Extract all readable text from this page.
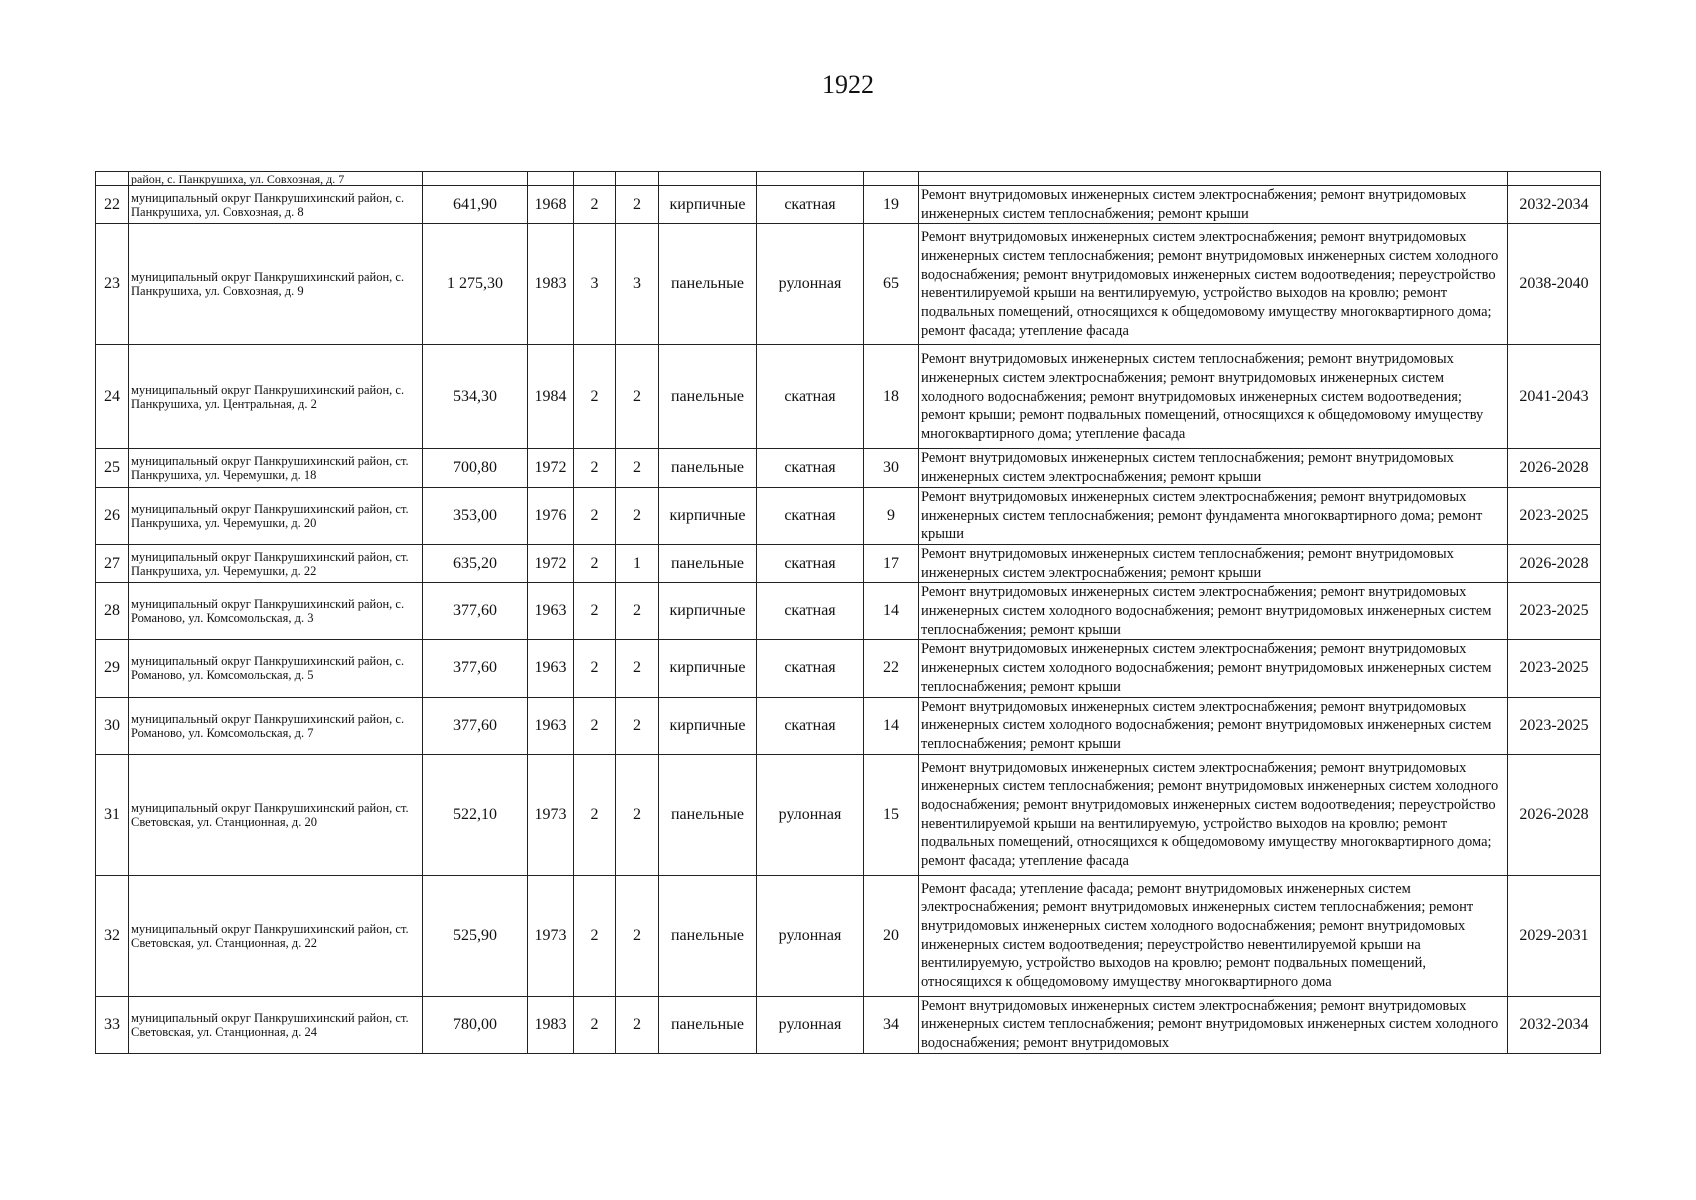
1922
	район, с. Панкрушиха, ул. Совхозная, д. 7									
22	муниципальный округ Панкрушихинский район, с. Панкрушиха, ул. Совхозная, д. 8	641,90	1968	2	2	кирпичные	скатная	19	Ремонт внутридомовых инженерных систем электроснабжения; ремонт внутридомовых инженерных систем теплоснабжения; ремонт крыши	2032-2034
23	муниципальный округ Панкрушихинский район, с. Панкрушиха, ул. Совхозная, д. 9	1 275,30	1983	3	3	панельные	рулонная	65	Ремонт внутридомовых инженерных систем электроснабжения; ремонт внутридомовых инженерных систем теплоснабжения; ремонт внутридомовых инженерных систем холодного водоснабжения; ремонт внутридомовых инженерных систем водоотведения; переустройство невентилируемой крыши на вентилируемую, устройство выходов на кровлю; ремонт подвальных помещений, относящихся к общедомовому имуществу многоквартирного дома; ремонт фасада; утепление фасада	2038-2040
24	муниципальный округ Панкрушихинский район, с. Панкрушиха, ул. Центральная, д. 2	534,30	1984	2	2	панельные	скатная	18	Ремонт внутридомовых инженерных систем теплоснабжения; ремонт внутридомовых инженерных систем электроснабжения; ремонт внутридомовых инженерных систем холодного водоснабжения; ремонт внутридомовых инженерных систем водоотведения; ремонт крыши; ремонт подвальных помещений, относящихся к общедомовому имуществу многоквартирного дома; утепление фасада	2041-2043
25	муниципальный округ Панкрушихинский район, ст. Панкрушиха, ул. Черемушки, д. 18	700,80	1972	2	2	панельные	скатная	30	Ремонт внутридомовых инженерных систем теплоснабжения; ремонт внутридомовых инженерных систем электроснабжения; ремонт крыши	2026-2028
26	муниципальный округ Панкрушихинский район, ст. Панкрушиха, ул. Черемушки, д. 20	353,00	1976	2	2	кирпичные	скатная	9	Ремонт внутридомовых инженерных систем электроснабжения; ремонт внутридомовых инженерных систем теплоснабжения; ремонт фундамента многоквартирного дома; ремонт крыши	2023-2025
27	муниципальный округ Панкрушихинский район, ст. Панкрушиха, ул. Черемушки, д. 22	635,20	1972	2	1	панельные	скатная	17	Ремонт внутридомовых инженерных систем теплоснабжения; ремонт внутридомовых инженерных систем электроснабжения; ремонт крыши	2026-2028
28	муниципальный округ Панкрушихинский район, с. Романово, ул. Комсомольская, д. 3	377,60	1963	2	2	кирпичные	скатная	14	Ремонт внутридомовых инженерных систем электроснабжения; ремонт внутридомовых инженерных систем холодного водоснабжения; ремонт внутридомовых инженерных систем теплоснабжения; ремонт крыши	2023-2025
29	муниципальный округ Панкрушихинский район, с. Романово, ул. Комсомольская, д. 5	377,60	1963	2	2	кирпичные	скатная	22	Ремонт внутридомовых инженерных систем электроснабжения; ремонт внутридомовых инженерных систем холодного водоснабжения; ремонт внутридомовых инженерных систем теплоснабжения; ремонт крыши	2023-2025
30	муниципальный округ Панкрушихинский район, с. Романово, ул. Комсомольская, д. 7	377,60	1963	2	2	кирпичные	скатная	14	Ремонт внутридомовых инженерных систем электроснабжения; ремонт внутридомовых инженерных систем холодного водоснабжения; ремонт внутридомовых инженерных систем теплоснабжения; ремонт крыши	2023-2025
31	муниципальный округ Панкрушихинский район, ст. Световская, ул. Станционная, д. 20	522,10	1973	2	2	панельные	рулонная	15	Ремонт внутридомовых инженерных систем электроснабжения; ремонт внутридомовых инженерных систем теплоснабжения; ремонт внутридомовых инженерных систем холодного водоснабжения; ремонт внутридомовых инженерных систем водоотведения; переустройство невентилируемой крыши на вентилируемую, устройство выходов на кровлю; ремонт подвальных помещений, относящихся к общедомовому имуществу многоквартирного дома; ремонт фасада; утепление фасада	2026-2028
32	муниципальный округ Панкрушихинский район, ст. Световская, ул. Станционная, д. 22	525,90	1973	2	2	панельные	рулонная	20	Ремонт фасада; утепление фасада; ремонт внутридомовых инженерных систем электроснабжения; ремонт внутридомовых инженерных систем теплоснабжения; ремонт внутридомовых инженерных систем холодного водоснабжения; ремонт внутридомовых инженерных систем водоотведения; переустройство невентилируемой крыши на вентилируемую, устройство выходов на кровлю; ремонт подвальных помещений, относящихся к общедомовому имуществу многоквартирного дома	2029-2031
33	муниципальный округ Панкрушихинский район, ст. Световская, ул. Станционная, д. 24	780,00	1983	2	2	панельные	рулонная	34	Ремонт внутридомовых инженерных систем электроснабжения; ремонт внутридомовых инженерных систем теплоснабжения; ремонт внутридомовых инженерных систем холодного водоснабжения; ремонт внутридомовых	2032-2034
